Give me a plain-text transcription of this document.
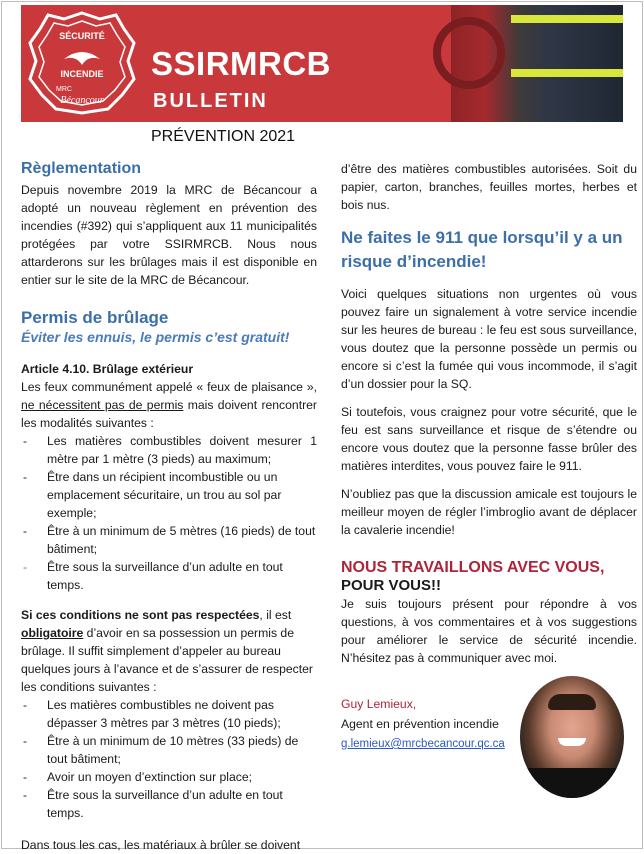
SÉCURITÉ
INCENDIE
MRC
Bécancour
SSIRMRCB
BULLETIN
PRÉVENTION 2021
Règlementation
Depuis novembre 2019 la MRC de Bécancour a adopté un nouveau règlement en prévention des incendies (#392) qui s’appliquent aux 11 municipalités protégées par votre SSIRMRCB. Nous nous attarderons sur les brûlages mais il est disponible en entier sur le site de la MRC de Bécancour.
Permis de brûlage
Éviter les ennuis, le permis c’est gratuit!
Article 4.10. Brûlage extérieur
Les feux communément appelé « feux de plaisance », ne nécessitent pas de permis mais doivent rencontrer les modalités suivantes :
- Les matières combustibles doivent mesurer 1 mètre par 1 mètre (3 pieds) au maximum;
- Être dans un récipient incombustible ou un emplacement sécuritaire, un trou au sol par exemple;
- Être à un minimum de 5 mètres (16 pieds) de tout bâtiment;
- Être sous la surveillance d’un adulte en tout temps.
Si ces conditions ne sont pas respectées, il est obligatoire d’avoir en sa possession un permis de brûlage. Il suffit simplement d’appeler au bureau quelques jours à l’avance et de s’assurer de respecter les conditions suivantes :
- Les matières combustibles ne doivent pas dépasser 3 mètres par 3 mètres (10 pieds);
- Être à un minimum de 10 mètres (33 pieds) de tout bâtiment;
- Avoir un moyen d’extinction sur place;
- Être sous la surveillance d’un adulte en tout temps.
Dans tous les cas, les matériaux à brûler se doivent
d’être des matières combustibles autorisées. Soit du papier, carton, branches, feuilles mortes, herbes et bois nus.
Ne faites le 911 que lorsqu’il y a un risque d’incendie!
Voici quelques situations non urgentes où vous pouvez faire un signalement à votre service incendie sur les heures de bureau : le feu est sous surveillance, vous doutez que la personne possède un permis ou encore si c’est la fumée qui vous incommode, il s’agit d’un dossier pour la SQ.
Si toutefois, vous craignez pour votre sécurité, que le feu est sans surveillance et risque de s’étendre ou encore vous doutez que la personne fasse brûler des matières interdites, vous pouvez faire le 911.
N’oubliez pas que la discussion amicale est toujours le meilleur moyen de régler l’imbroglio avant de déplacer la cavalerie incendie!
NOUS TRAVAILLONS AVEC VOUS,
POUR VOUS!!
Je suis toujours présent pour répondre à vos questions, à vos commentaires et à vos suggestions pour améliorer le service de sécurité incendie. N’hésitez pas à communiquer avec moi.
Guy Lemieux,
Agent en prévention incendie
g.lemieux@mrcbecancour.qc.ca
